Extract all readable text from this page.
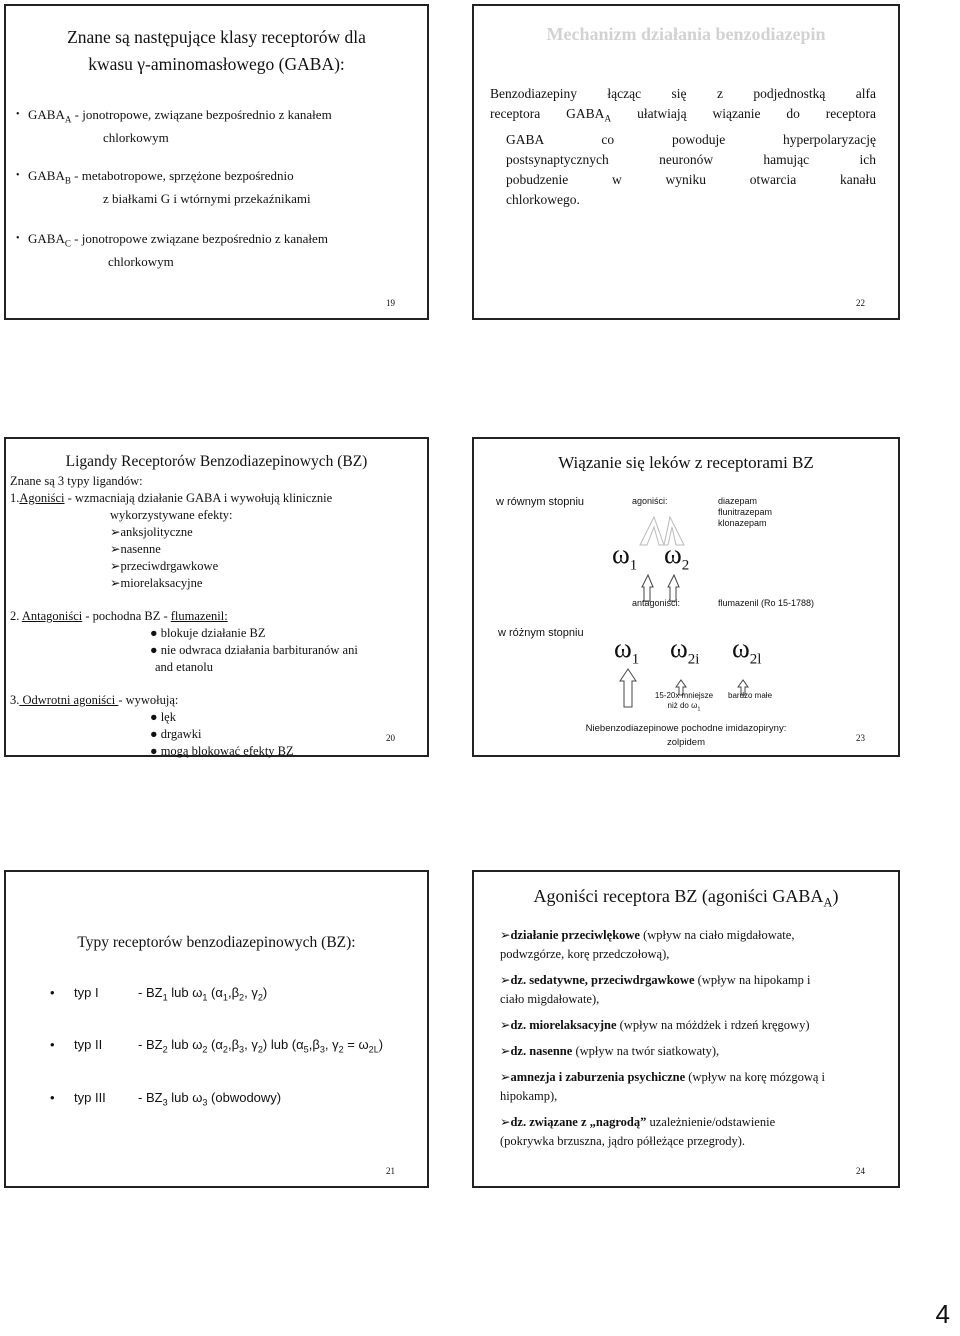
Znane są następujące klasy receptorów dla
kwasu γ-aminomasłowego (GABA):
• $GABA_A$ - jonotropowe, związane bezpośrednio z kanałem
chlorkowym
• $GABA_B$ - metabotropowe, sprzężone bezpośrednio
z białkami G i wtórnymi przekaźnikami
• $GABA_C$ - jonotropowe związane bezpośrednio z kanałem
chlorkowym
19
Mechanizm działania benzodiazepin
Benzodiazepiny łącząc się z podjednostką alfa
receptora $GABA_A$ ułatwiają wiązanie do receptora
GABA co powoduje hyperpolaryzację
postsynaptycznych neuronów hamując ich
pobudzenie w wyniku otwarcia kanału
chlorkowego.
22
Ligandy Receptorów Benzodiazepinowych (BZ)
Znane są 3 typy ligandów:
1.Agoniści - wzmacniają działanie GABA i wywołują klinicznie
wykorzystywane efekty:
➢anksjolityczne
➢nasenne
➢przeciwdrgawkowe
➢miorelaksacyjne
2. Antagoniści - pochodna BZ - flumazenil:
● blokuje działanie BZ
● nie odwraca działania barbituranów ani
and etanolu
3. Odwrotni agoniści - wywołują:
● lęk
● drgawki
● mogą blokować efekty BZ
20
Wiązanie się leków z receptorami BZ
w równym stopniu	agoniści:	diazepam
flunitrazepam
klonazepam
$\omega_1$ $\omega_2$
antagoniści:	flumazenil (Ro 15-1788)
w różnym stopniu $\omega_1$ $\omega_{2i}$ $\omega_{2l}$
15-20x mniejsze
niż do $\omega_1$
bardzo małe
Niebenzodiazepinowe pochodne imidazopiryny:
zolpidem	23
Typy receptorów benzodiazepinowych (BZ):
• typ I	- $BZ_1$ lub $\omega_1$ ($\alpha_1,\beta_2$, $\gamma_2$)
• typ II	- $BZ_2$ lub $\omega_2$ ($\alpha_2,\beta_3$, $\gamma_2$) lub ($\alpha_5,\beta_3$, $\gamma_2 = \omega_{2L}$)
• typ III - $BZ_3$ lub $\omega_3$ (obwodowy)
21
Agoniści receptora BZ (agoniści $GABA_A$)
➢działanie przeciwlękowe (wpływ na ciało migdałowate,
podwzgórze, korę przedczołową),
➢dz. sedatywne, przeciwdrgawkowe (wpływ na hipokamp i
ciało migdałowate),
➢dz. miorelaksacyjne (wpływ na móżdżek i rdzeń kręgowy)
➢dz. nasenne (wpływ na twór siatkowaty),
➢amnezja i zaburzenia psychiczne (wpływ na korę mózgową i
hipokamp),
➢dz. związane z „nagrodą” uzależnienie/odstawienie
(pokrywka brzuszna, jądro półleżące przegrody).
24
4
